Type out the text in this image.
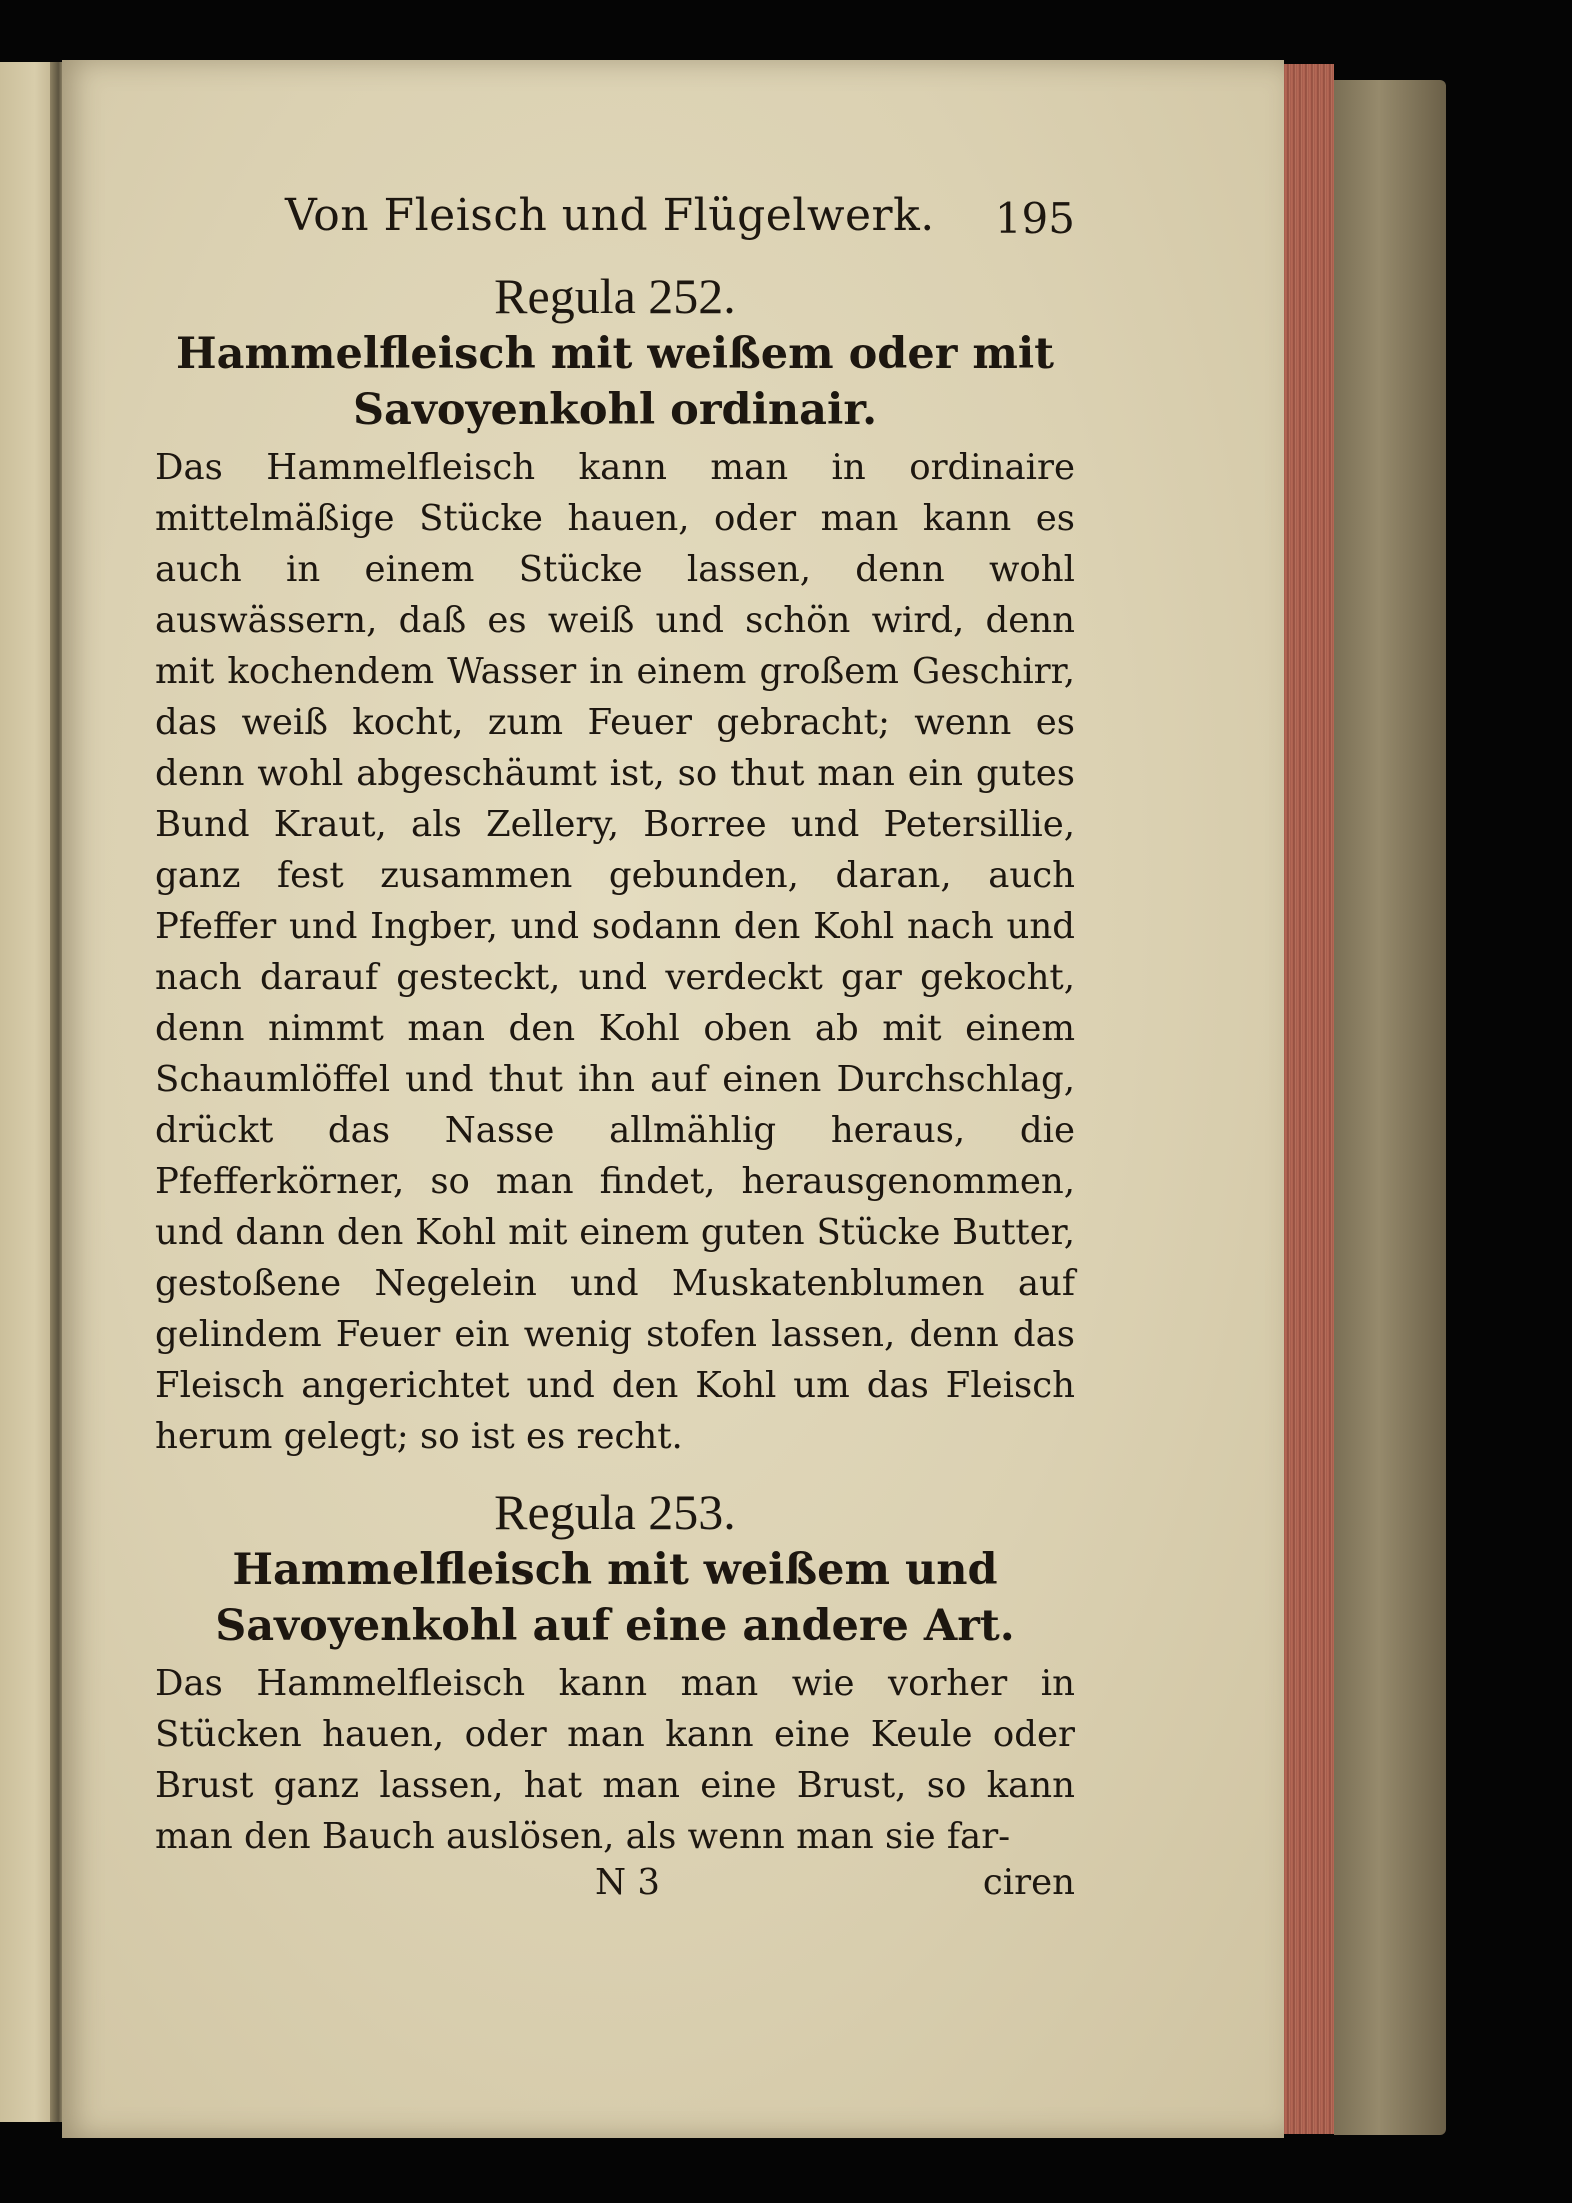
Von Fleisch und Flügelwerk. 195

Regula 252.

Hammelfleisch mit weißem oder mit Savoyenkohl ordinair.

Das Hammelfleisch kann man in ordinaire mittelmäßige Stücke hauen, oder man kann es auch in einem Stücke lassen, denn wohl auswässern, daß es weiß und schön wird, denn mit kochendem Wasser in einem großem Geschirr, das weiß kocht, zum Feuer gebracht; wenn es denn wohl abgeschäumt ist, so thut man ein gutes Bund Kraut, als Zellery, Borree und Petersillie, ganz fest zusammen gebunden, daran, auch Pfeffer und Ingber, und sodann den Kohl nach und nach darauf gesteckt, und verdeckt gar gekocht, denn nimmt man den Kohl oben ab mit einem Schaumlöffel und thut ihn auf einen Durchschlag, drückt das Nasse allmählig heraus, die Pfefferkörner, so man findet, herausgenommen, und dann den Kohl mit einem guten Stücke Butter, gestoßene Negelein und Muskatenblumen auf gelindem Feuer ein wenig stofen lassen, denn das Fleisch angerichtet und den Kohl um das Fleisch herum gelegt; so ist es recht.

Regula 253.

Hammelfleisch mit weißem und Savoyenkohl auf eine andere Art.

Das Hammelfleisch kann man wie vorher in Stücken hauen, oder man kann eine Keule oder Brust ganz lassen, hat man eine Brust, so kann man den Bauch auslösen, als wenn man sie far-

N 3	ciren
